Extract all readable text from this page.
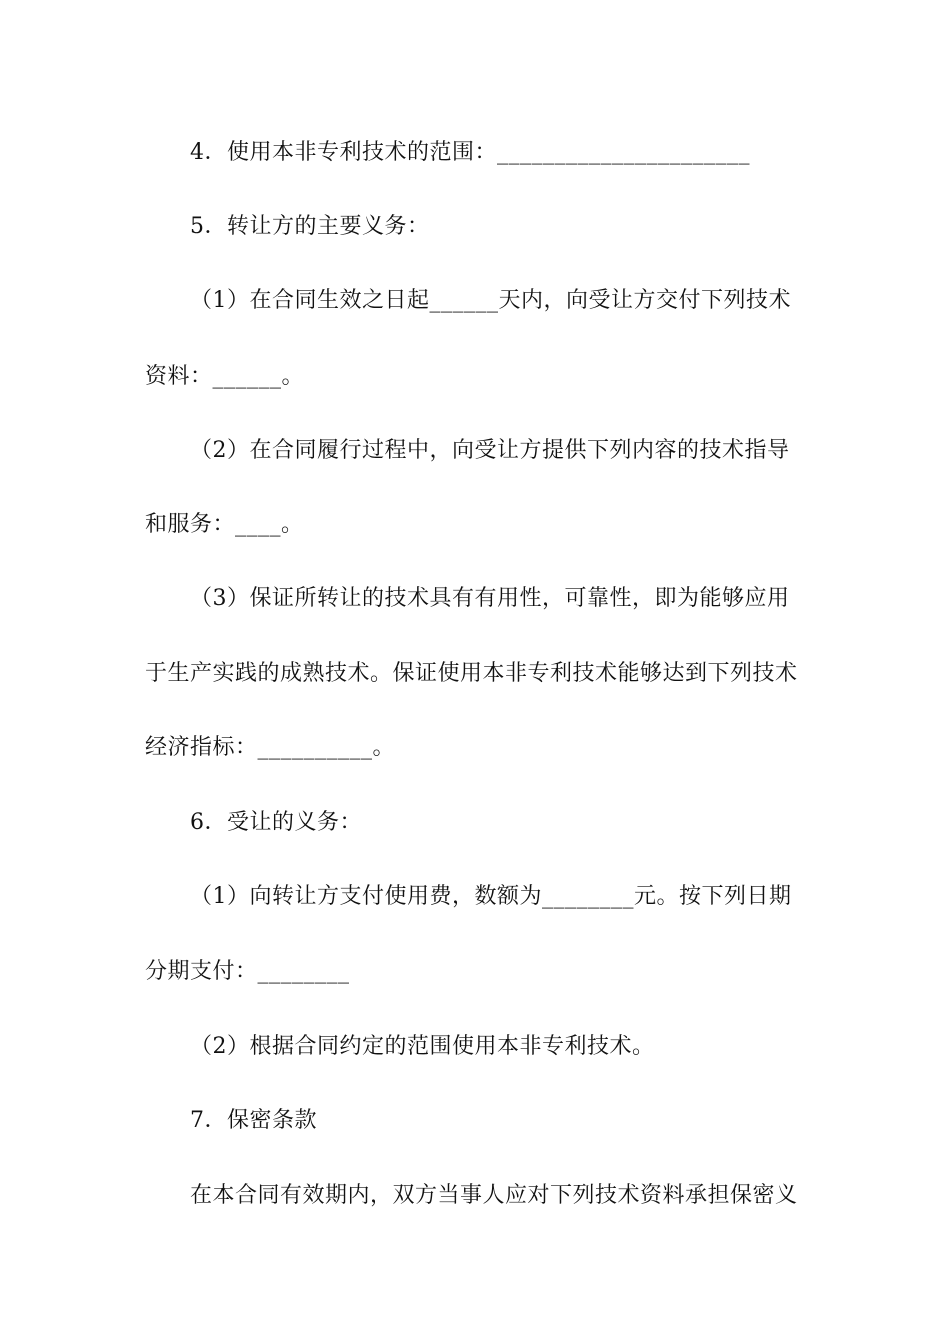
4．使用本非专利技术的范围：______________________
5．转让方的主要义务：
（1）在合同生效之日起______天内，向受让方交付下列技术
资料：______。
（2）在合同履行过程中，向受让方提供下列内容的技术指导
和服务：____。
（3）保证所转让的技术具有有用性，可靠性，即为能够应用
于生产实践的成熟技术。保证使用本非专利技术能够达到下列技术
经济指标：__________。
6．受让的义务：
（1）向转让方支付使用费，数额为________元。按下列日期
分期支付：________
（2）根据合同约定的范围使用本非专利技术。
7．保密条款
在本合同有效期内，双方当事人应对下列技术资料承担保密义
